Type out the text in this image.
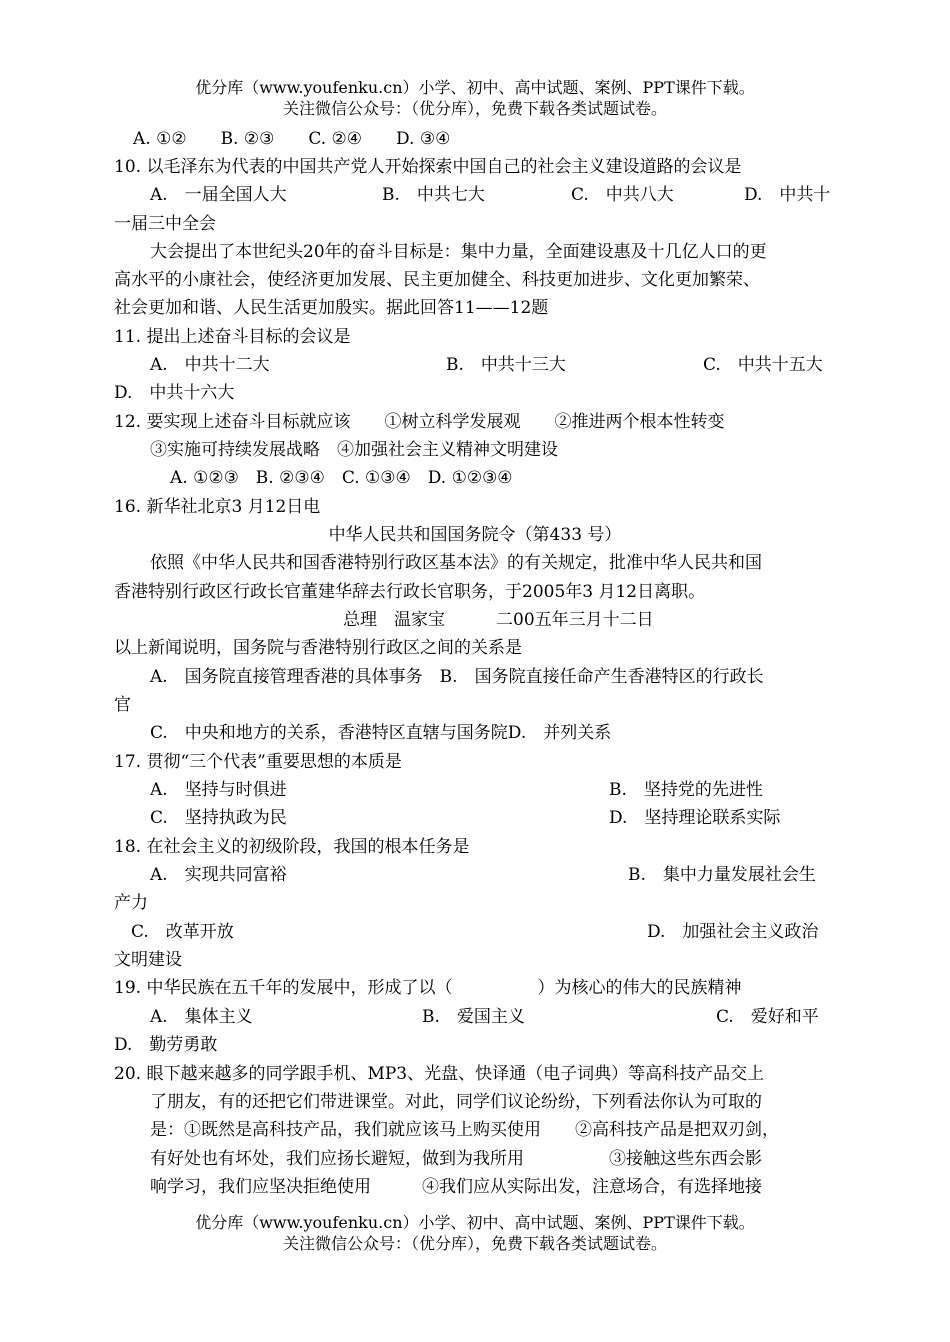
优分库（www.youfenku.cn）小学、初中、高中试题、案例、PPT课件下载。
关注微信公众号：（优分库），免费下载各类试题试卷。
A. ①②　　B. ②③　　C. ②④　　D. ③④
10. 以毛泽东为代表的中国共产党人开始探索中国自己的社会主义建设道路的会议是
A.　一届全国人大	B.　中共七大	C.　中共八大	D.　中共十
一届三中全会
大会提出了本世纪头20年的奋斗目标是：集中力量，全面建设惠及十几亿人口的更
高水平的小康社会，使经济更加发展、民主更加健全、科技更加进步、文化更加繁荣、
社会更加和谐、人民生活更加殷实。据此回答11——12题
11. 提出上述奋斗目标的会议是
A.　中共十二大	B.　中共十三大	C.　中共十五大
D.　中共十六大
12. 要实现上述奋斗目标就应该　　①树立科学发展观　　②推进两个根本性转变
③实施可持续发展战略　④加强社会主义精神文明建设
A. ①②③　B. ②③④　C. ①③④　D. ①②③④
16. 新华社北京3 月12日电
中华人民共和国国务院令（第433 号）
依照《中华人民共和国香港特别行政区基本法》的有关规定，批准中华人民共和国
香港特别行政区行政长官董建华辞去行政长官职务，于2005年3 月12日离职。
总理　温家宝　　　二00五年三月十二日
以上新闻说明，国务院与香港特别行政区之间的关系是
A.　国务院直接管理香港的具体事务　B.　国务院直接任命产生香港特区的行政长
官
C.　中央和地方的关系，香港特区直辖与国务院D.　并列关系
17. 贯彻“三个代表”重要思想的本质是
A.　坚持与时俱进	B.　坚持党的先进性
C.　坚持执政为民	D.　坚持理论联系实际
18. 在社会主义的初级阶段，我国的根本任务是
A.　实现共同富裕	B.　集中力量发展社会生
产力
C.　改革开放	D.　加强社会主义政治
文明建设
19. 中华民族在五千年的发展中，形成了以（　　　　　）为核心的伟大的民族精神
A.　集体主义	B.　爱国主义	C.　爱好和平
D.　勤劳勇敢
20. 眼下越来越多的同学跟手机、MP3、光盘、快译通（电子词典）等高科技产品交上
了朋友，有的还把它们带进课堂。对此，同学们议论纷纷，下列看法你认为可取的
是：①既然是高科技产品，我们就应该马上购买使用　　②高科技产品是把双刃剑，
有好处也有坏处，我们应扬长避短，做到为我所用　　　　　③接触这些东西会影
响学习，我们应坚决拒绝使用　　　④我们应从实际出发，注意场合，有选择地接
优分库（www.youfenku.cn）小学、初中、高中试题、案例、PPT课件下载。
关注微信公众号：（优分库），免费下载各类试题试卷。
